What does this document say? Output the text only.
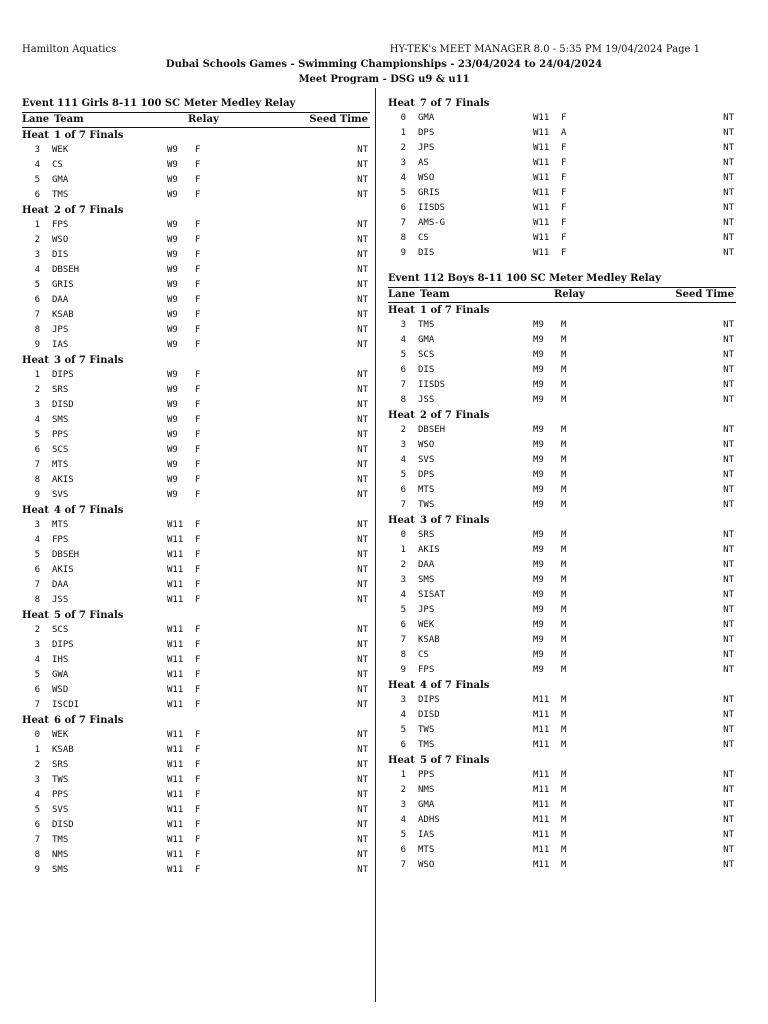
Hamilton Aquatics	HY-TEK's MEET MANAGER 8.0 - 5:35 PM 19/04/2024 Page 1
Dubai Schools Games - Swimming Championships - 23/04/2024 to 24/04/2024
Meet Program - DSG u9 & u11
Event 111 Girls 8-11 100 SC Meter Medley Relay
Lane Team	Relay	Seed Time
Heat 1 of 7 Finals
3 WEK	W9 F	NT
4 CS	W9 F	NT
5 GMA	W9 F	NT
6 TMS	W9 F	NT
Heat 2 of 7 Finals
1 FPS	W9 F	NT
2 WSO	W9 F	NT
3 DIS	W9 F	NT
4 DBSEH	W9 F	NT
5 GRIS	W9 F	NT
6 DAA	W9 F	NT
7 KSAB	W9 F	NT
8 JPS	W9 F	NT
9 IAS	W9 F	NT
Heat 3 of 7 Finals
1 DIPS	W9 F	NT
2 SRS	W9 F	NT
3 DISD	W9 F	NT
4 SMS	W9 F	NT
5 PPS	W9 F	NT
6 SCS	W9 F	NT
7 MTS	W9 F	NT
8 AKIS	W9 F	NT
9 SVS	W9 F	NT
Heat 4 of 7 Finals
3 MTS	W11 F	NT
4 FPS	W11 F	NT
5 DBSEH	W11 F	NT
6 AKIS	W11 F	NT
7 DAA	W11 F	NT
8 JSS	W11 F	NT
Heat 5 of 7 Finals
2 SCS	W11 F	NT
3 DIPS	W11 F	NT
4 IHS	W11 F	NT
5 GWA	W11 F	NT
6 WSD	W11 F	NT
7 ISCDI	W11 F	NT
Heat 6 of 7 Finals
0 WEK	W11 F	NT
1 KSAB	W11 F	NT
2 SRS	W11 F	NT
3 TWS	W11 F	NT
4 PPS	W11 F	NT
5 SVS	W11 F	NT
6 DISD	W11 F	NT
7 TMS	W11 F	NT
8 NMS	W11 F	NT
9 SMS	W11 F	NT
Heat 7 of 7 Finals
0 GMA	W11 F	NT
1 DPS	W11 A	NT
2 JPS	W11 F	NT
3 AS	W11 F	NT
4 WSO	W11 F	NT
5 GRIS	W11 F	NT
6 IISDS	W11 F	NT
7 AMS-G	W11 F	NT
8 CS	W11 F	NT
9 DIS	W11 F	NT
Event 112 Boys 8-11 100 SC Meter Medley Relay
Lane Team	Relay	Seed Time
Heat 1 of 7 Finals
3 TMS	M9 M	NT
4 GMA	M9 M	NT
5 SCS	M9 M	NT
6 DIS	M9 M	NT
7 IISDS	M9 M	NT
8 JSS	M9 M	NT
Heat 2 of 7 Finals
2 DBSEH	M9 M	NT
3 WSO	M9 M	NT
4 SVS	M9 M	NT
5 DPS	M9 M	NT
6 MTS	M9 M	NT
7 TWS	M9 M	NT
Heat 3 of 7 Finals
0 SRS	M9 M	NT
1 AKIS	M9 M	NT
2 DAA	M9 M	NT
3 SMS	M9 M	NT
4 SISAT	M9 M	NT
5 JPS	M9 M	NT
6 WEK	M9 M	NT
7 KSAB	M9 M	NT
8 CS	M9 M	NT
9 FPS	M9 M	NT
Heat 4 of 7 Finals
3 DIPS	M11 M	NT
4 DISD	M11 M	NT
5 TWS	M11 M	NT
6 TMS	M11 M	NT
Heat 5 of 7 Finals
1 PPS	M11 M	NT
2 NMS	M11 M	NT
3 GMA	M11 M	NT
4 ADHS	M11 M	NT
5 IAS	M11 M	NT
6 MTS	M11 M	NT
7 WSO	M11 M	NT
